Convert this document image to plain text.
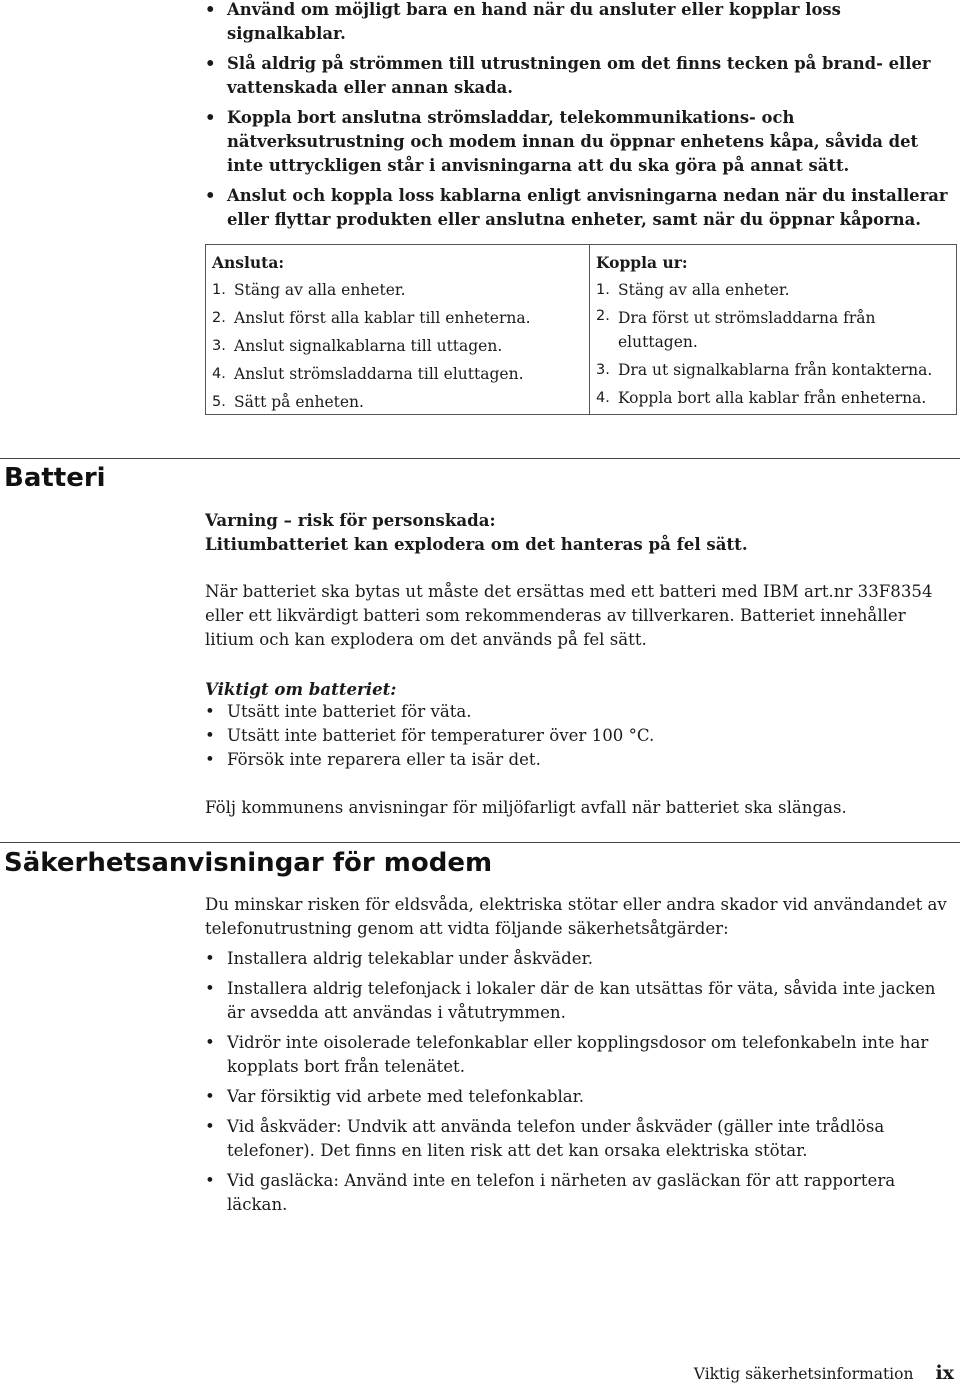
• Använd om möjligt bara en hand när du ansluter eller kopplar loss signalkablar.
• Slå aldrig på strömmen till utrustningen om det finns tecken på brand- eller vattenskada eller annan skada.
• Koppla bort anslutna strömsladdar, telekommunikations- och nätverksutrustning och modem innan du öppnar enhetens kåpa, såvida det inte uttryckligen står i anvisningarna att du ska göra på annat sätt.
• Anslut och koppla loss kablarna enligt anvisningarna nedan när du installerar eller flyttar produkten eller anslutna enheter, samt när du öppnar kåporna.

Ansluta:

1. Stäng av alla enheter.
2. Anslut först alla kablar till enheterna.
3. Anslut signalkablarna till uttagen.
4. Anslut strömsladdarna till eluttagen.
5. Sätt på enheten.

Koppla ur:

1. Stäng av alla enheter.
2. Dra först ut strömsladdarna från eluttagen.
3. Dra ut signalkablarna från kontakterna.
4. Koppla bort alla kablar från enheterna.
Batteri

Varning – risk för personskada:
Litiumbatteriet kan explodera om det hanteras på fel sätt.

När batteriet ska bytas ut måste det ersättas med ett batteri med IBM art.nr 33F8354 eller ett likvärdigt batteri som rekommenderas av tillverkaren. Batteriet innehåller litium och kan explodera om det används på fel sätt.

Viktigt om batteriet:

• Utsätt inte batteriet för väta.
• Utsätt inte batteriet för temperaturer över 100 °C.
• Försök inte reparera eller ta isär det.

Följ kommunens anvisningar för miljöfarligt avfall när batteriet ska slängas.

Säkerhetsanvisningar för modem

Du minskar risken för eldsvåda, elektriska stötar eller andra skador vid användandet av telefonutrustning genom att vidta följande säkerhetsåtgärder:

• Installera aldrig telekablar under åskväder.
• Installera aldrig telefonjack i lokaler där de kan utsättas för väta, såvida inte jacken är avsedda att användas i våtutrymmen.
• Vidrör inte oisolerade telefonkablar eller kopplingsdosor om telefonkabeln inte har kopplats bort från telenätet.
• Var försiktig vid arbete med telefonkablar.
• Vid åskväder: Undvik att använda telefon under åskväder (gäller inte trådlösa telefoner). Det finns en liten risk att det kan orsaka elektriska stötar.
• Vid gasläcka: Använd inte en telefon i närheten av gasläckan för att rapportera läckan.
Viktig säkerhetsinformation ix
